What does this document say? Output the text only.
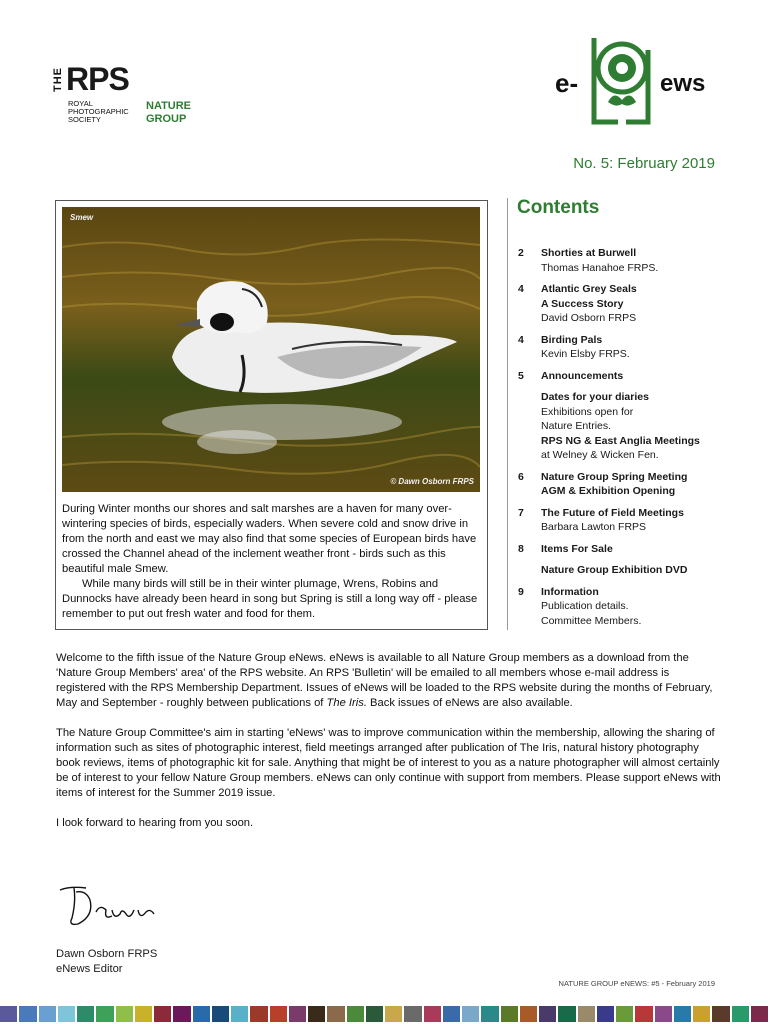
THE RPS
ROYAL
PHOTOGRAPHIC
SOCIETY
NATURE
GROUP
e-	ews
No. 5: February 2019
Smew
© Dawn Osborn FRPS

During Winter months our shores and salt marshes are a haven for many over-wintering species of birds, especially waders. When severe cold and snow drive in from the north and east we may also find that some species of European birds have crossed the Channel ahead of the inclement weather front - birds such as this beautiful male Smew.

While many birds will still be in their winter plumage, Wrens, Robins and Dunnocks have already been heard in song but Spring is still a long way off - please remember to put out fresh water and food for them.

Contents
2 Shorties at Burwell
Thomas Hanahoe FRPS.
4 Atlantic Grey Seals
A Success Story
David Osborn FRPS
4 Birding Pals
Kevin Elsby FRPS.
5 Announcements
Dates for your diaries
Exhibitions open for
Nature Entries.
RPS NG & East Anglia Meetings
at Welney & Wicken Fen.
6 Nature Group Spring Meeting
AGM & Exhibition Opening
7 The Future of Field Meetings
Barbara Lawton FRPS
8 Items For Sale
Nature Group Exhibition DVD
9 Information
Publication details.
Committee Members.

Welcome to the fifth issue of the Nature Group eNews. eNews is available to all Nature Group members as a download from the 'Nature Group Members' area' of the RPS website. An RPS 'Bulletin' will be emailed to all members whose e-mail address is registered with the RPS Membership Department. Issues of eNews will be loaded to the RPS website during the months of February, May and September - roughly between publications of The Iris. Back issues of eNews are also available.

The Nature Group Committee's aim in starting 'eNews' was to improve communication within the membership, allowing the sharing of information such as sites of photographic interest, field meetings arranged after publication of The Iris, natural history photography book reviews, items of photographic kit for sale. Anything that might be of interest to you as a nature photographer will almost certainly be of interest to your fellow Nature Group members. eNews can only continue with support from members. Please support eNews with items of interest for the Summer 2019 issue.

I look forward to hearing from you soon.

Dawn Osborn FRPS
eNews Editor
NATURE GROUP eNEWS: #5 - February 2019
